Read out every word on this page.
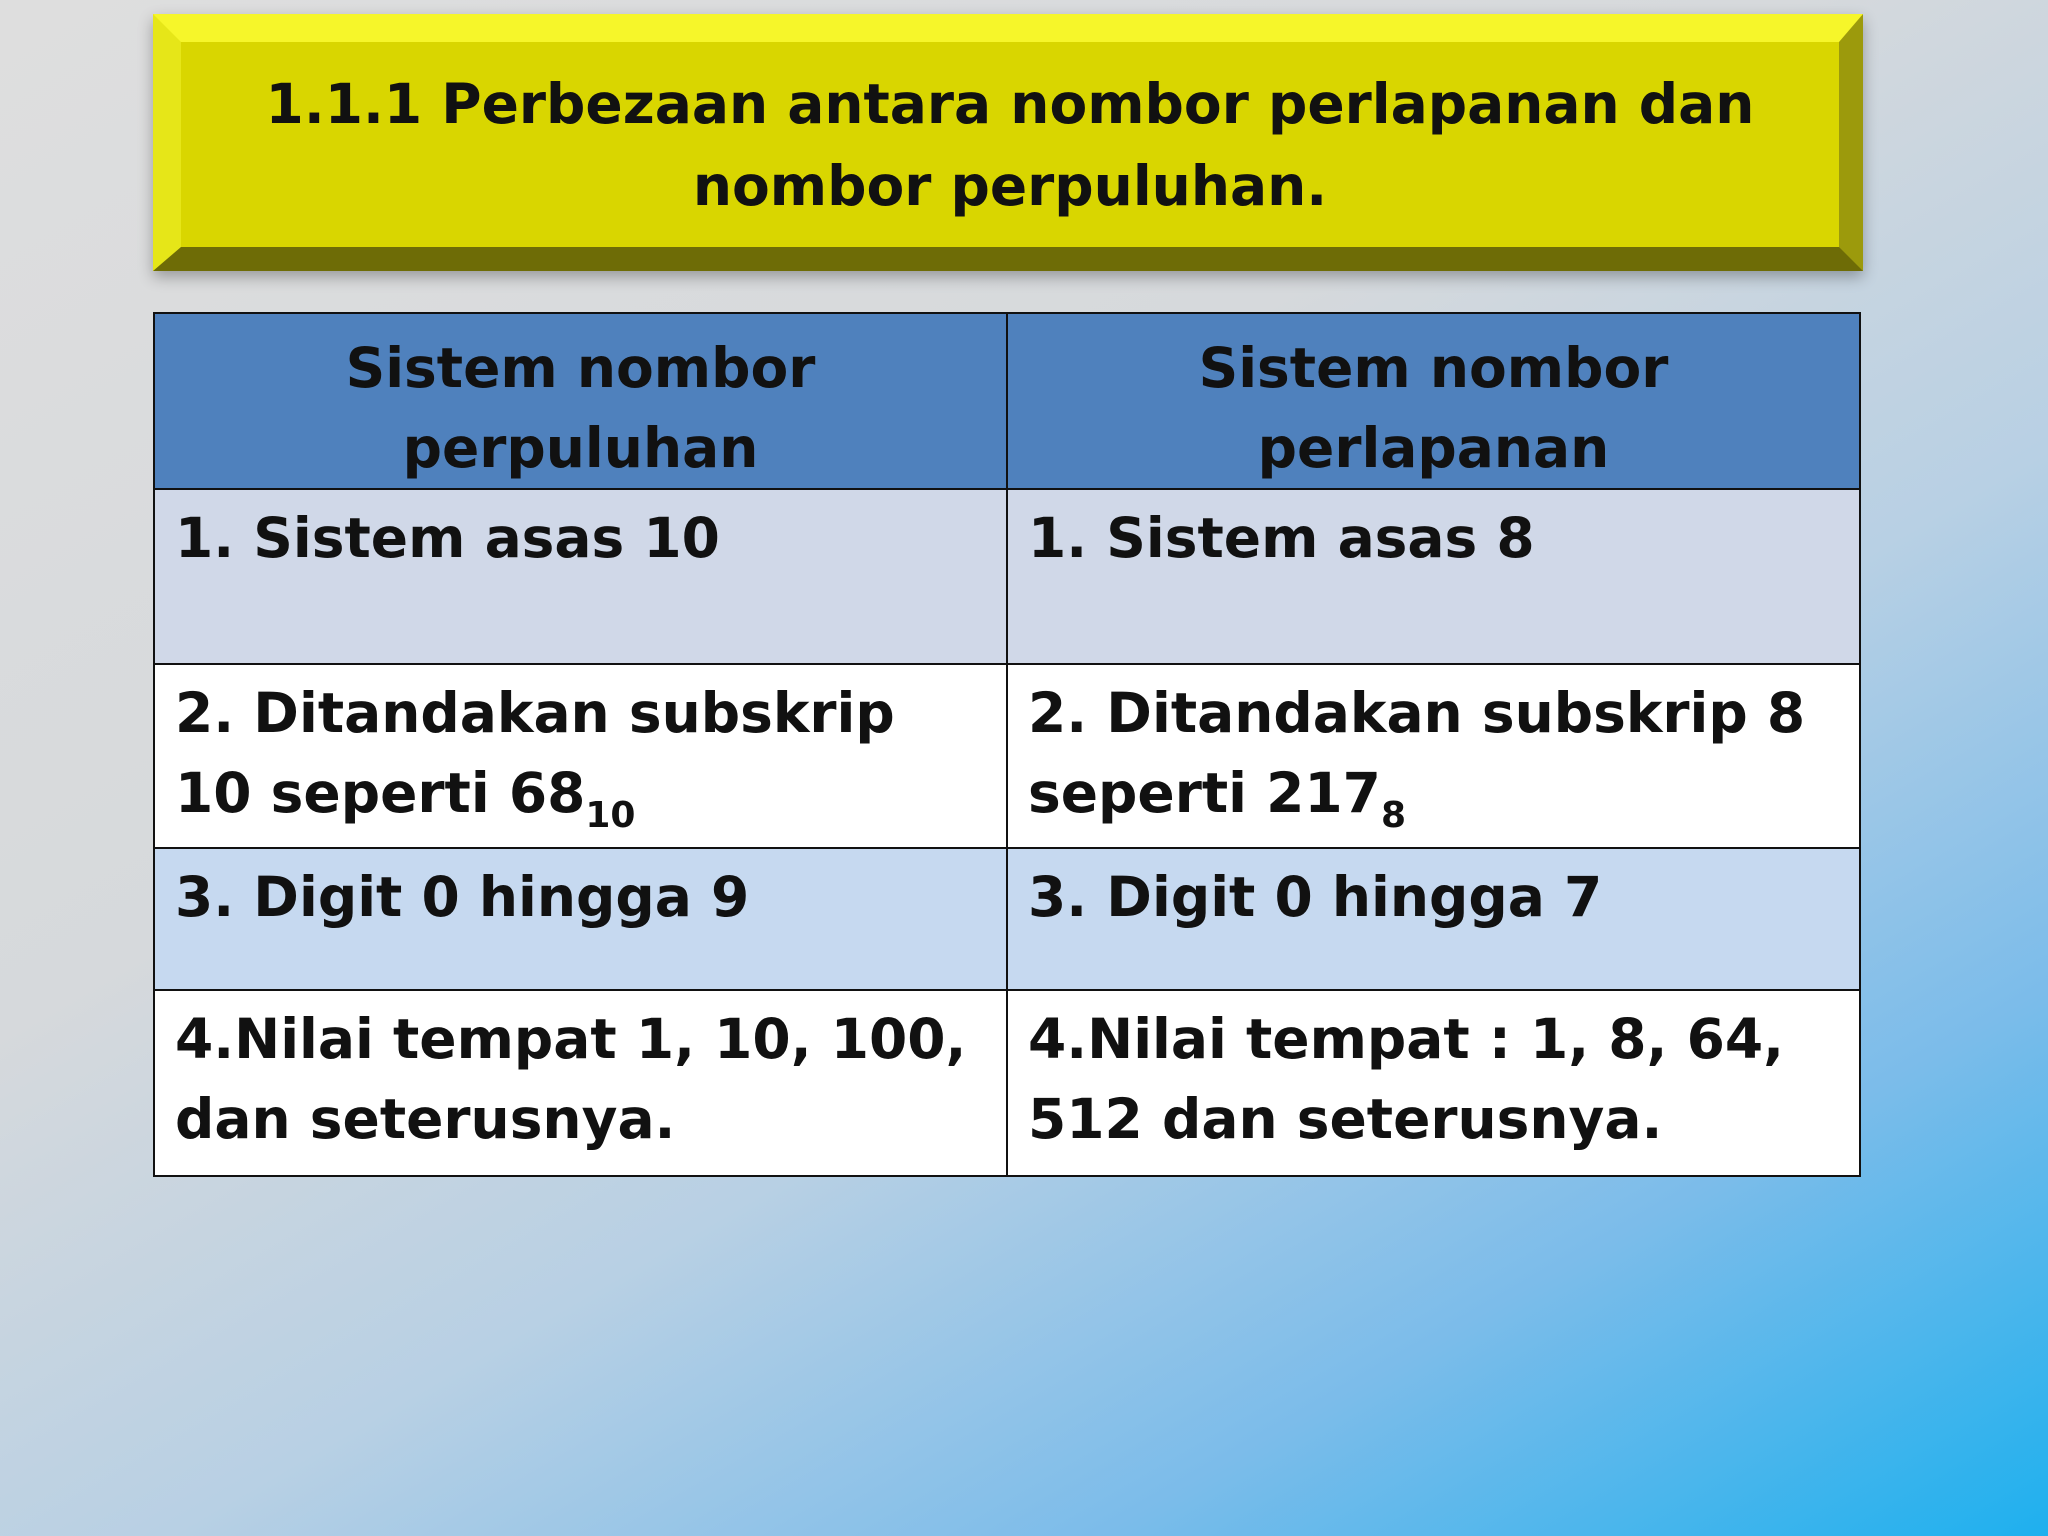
1.1.1 Perbezaan antara nombor perlapanan dan nombor perpuluhan.
Sistem nombor perpuluhan	Sistem nombor perlapanan
1. Sistem asas 10	1. Sistem asas 8
2. Ditandakan subskrip 10 seperti $68_{10}$	2. Ditandakan subskrip 8 seperti $217_8$
3. Digit 0 hingga 9	3. Digit 0 hingga 7
4.Nilai tempat 1, 10, 100, dan seterusnya.	4.Nilai tempat : 1, 8, 64, 512 dan seterusnya.
